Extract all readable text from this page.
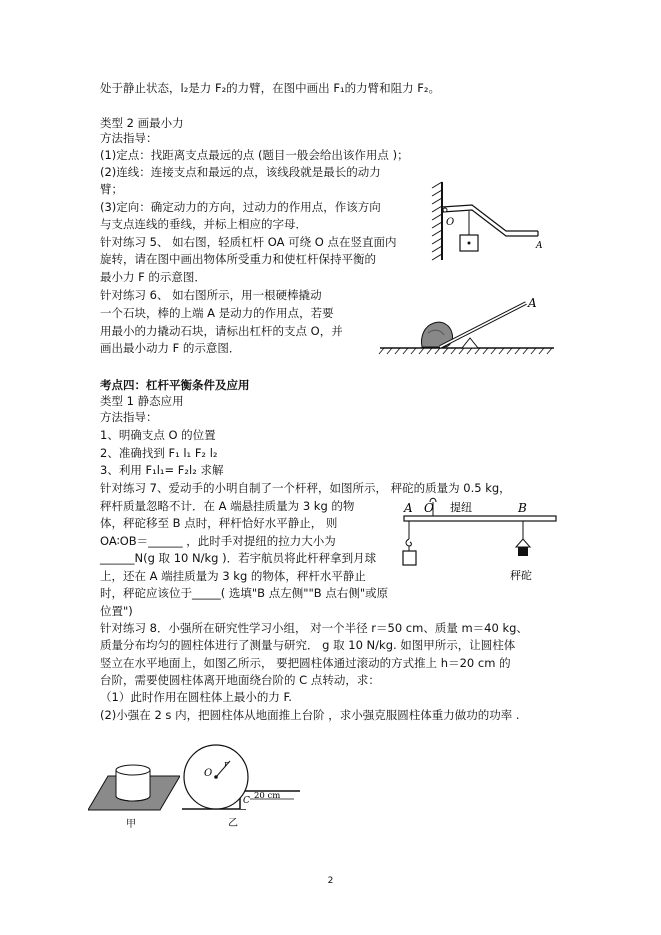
处于静止状态，l₂是力 F₂的力臂，在图中画出 F₁的力臂和阻力 F₂。
类型 2 画最小力
方法指导：
(1)定点：找距离支点最远的点 (题目一般会给出该作用点 )；
(2)连线：连接支点和最远的点，该线段就是最长的动力
臂；
(3)定向：确定动力的方向，过动力的作用点，作该方向
与支点连线的垂线，并标上相应的字母．
针对练习 5、 如右图，轻质杠杆 OA 可绕 O 点在竖直面内
旋转，请在图中画出物体所受重力和使杠杆保持平衡的
最小力 F 的示意图．
针对练习 6、 如右图所示，用一根硬棒撬动
一个石块，棒的上端 A 是动力的作用点，若要
用最小的力撬动石块，请标出杠杆的支点 O，并
画出最小动力 F 的示意图．
考点四：杠杆平衡条件及应用
类型 1 静态应用
方法指导：
1、明确支点 O 的位置
2、准确找到 F₁ l₁ F₂ l₂
3、利用 F₁l₁= F₂l₂ 求解
针对练习 7、爱动手的小明自制了一个杆秤，如图所示， 秤砣的质量为 0.5 kg，
秤杆质量忽略不计．在 A 端悬挂质量为 3 kg 的物
体，秤砣移至 B 点时，秤杆恰好水平静止， 则
OA∶OB＝______ ，此时手对提纽的拉力大小为
______N(g 取 10 N/kg )．若宇航员将此杆秤拿到月球
上，还在 A 端挂质量为 3 kg 的物体，秤杆水平静止
时，秤砣应该位于_____( 选填"B 点左侧""B 点右侧"或原
位置")
针对练习 8．小强所在研究性学习小组， 对一个半径 r＝50 cm、质量 m＝40 kg、
质量分布均匀的圆柱体进行了测量与研究． g 取 10 N/kg. 如图甲所示，让圆柱体
竖立在水平地面上，如图乙所示， 要把圆柱体通过滚动的方式推上 h＝20 cm 的
台阶，需要使圆柱体离开地面绕台阶的 C 点转动，求：
（1）此时作用在圆柱体上最小的力 F.
(2)小强在 2 s 内，把圆柱体从地面推上台阶 ，求小强克服圆柱体重力做功的功率 .
O
A
A
A O 提纽	B
秤砣
甲
O
r
C 20 cm
乙
2
